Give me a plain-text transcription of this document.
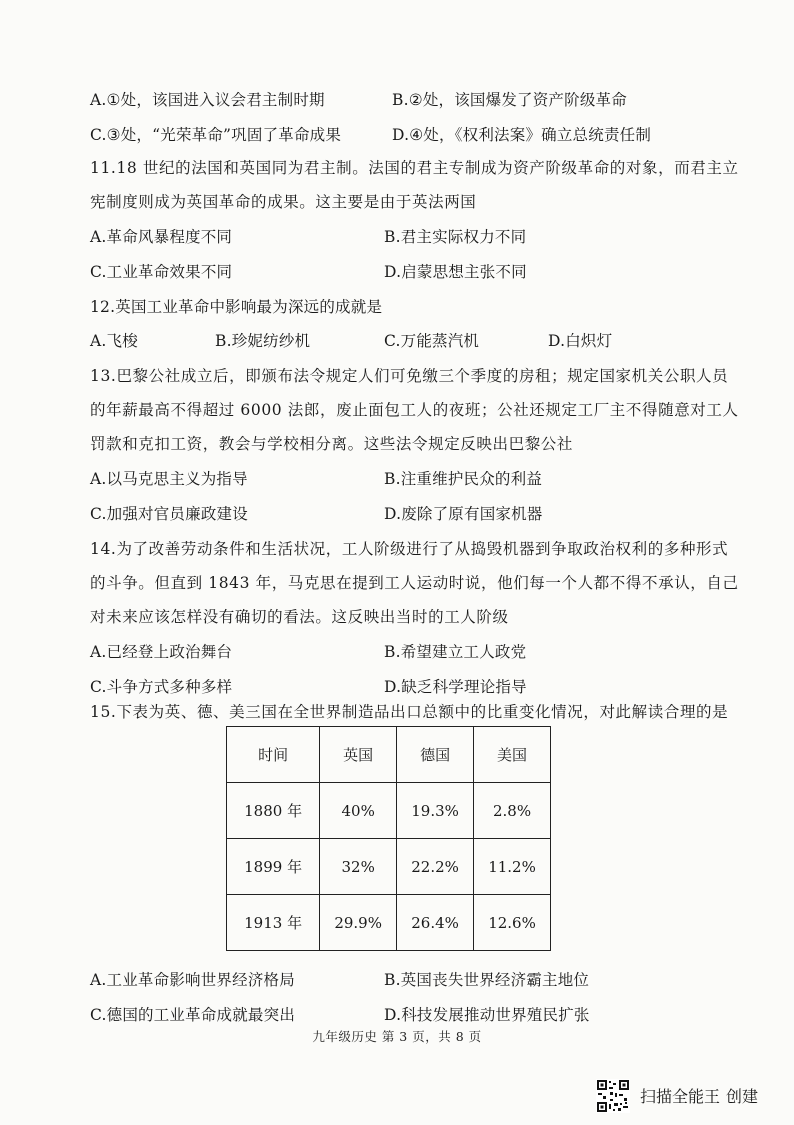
A.①处，该国进入议会君主制时期	B.②处，该国爆发了资产阶级革命
C.③处，“光荣革命”巩固了革命成果	D.④处，《权利法案》确立总统责任制
11.18 世纪的法国和英国同为君主制。法国的君主专制成为资产阶级革命的对象，而君主立
宪制度则成为英国革命的成果。这主要是由于英法两国
A.革命风暴程度不同	B.君主实际权力不同
C.工业革命效果不同	D.启蒙思想主张不同
12.英国工业革命中影响最为深远的成就是
A.飞梭	B.珍妮纺纱机	C.万能蒸汽机	D.白炽灯
13.巴黎公社成立后，即颁布法令规定人们可免缴三个季度的房租；规定国家机关公职人员
的年薪最高不得超过 6000 法郎，废止面包工人的夜班；公社还规定工厂主不得随意对工人
罚款和克扣工资，教会与学校相分离。这些法令规定反映出巴黎公社
A.以马克思主义为指导	B.注重维护民众的利益
C.加强对官员廉政建设	D.废除了原有国家机器
14.为了改善劳动条件和生活状况，工人阶级进行了从捣毁机器到争取政治权利的多种形式
的斗争。但直到 1843 年，马克思在提到工人运动时说，他们每一个人都不得不承认，自己
对未来应该怎样没有确切的看法。这反映出当时的工人阶级
A.已经登上政治舞台	B.希望建立工人政党
C.斗争方式多种多样	D.缺乏科学理论指导
15.下表为英、德、美三国在全世界制造品出口总额中的比重变化情况，对此解读合理的是
时间	英国	德国	美国
1880 年	40%	19.3%	2.8%
1899 年	32%	22.2%	11.2%
1913 年	29.9%	26.4%	12.6%
A.工业革命影响世界经济格局	B.英国丧失世界经济霸主地位
C.德国的工业革命成就最突出	D.科技发展推动世界殖民扩张
九年级历史 第 3 页，共 8 页
扫描全能王 创建
